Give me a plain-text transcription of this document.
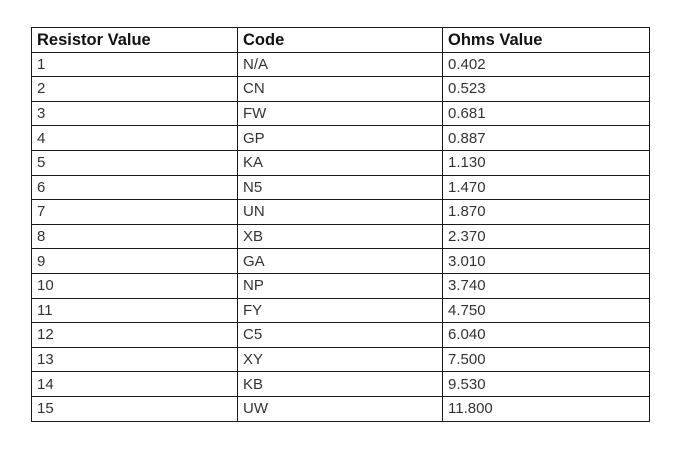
Resistor Value	Code	Ohms Value
1	N/A	0.402
2	CN	0.523
3	FW	0.681
4	GP	0.887
5	KA	1.130
6	N5	1.470
7	UN	1.870
8	XB	2.370
9	GA	3.010
10	NP	3.740
11	FY	4.750
12	C5	6.040
13	XY	7.500
14	KB	9.530
15	UW	11.800
